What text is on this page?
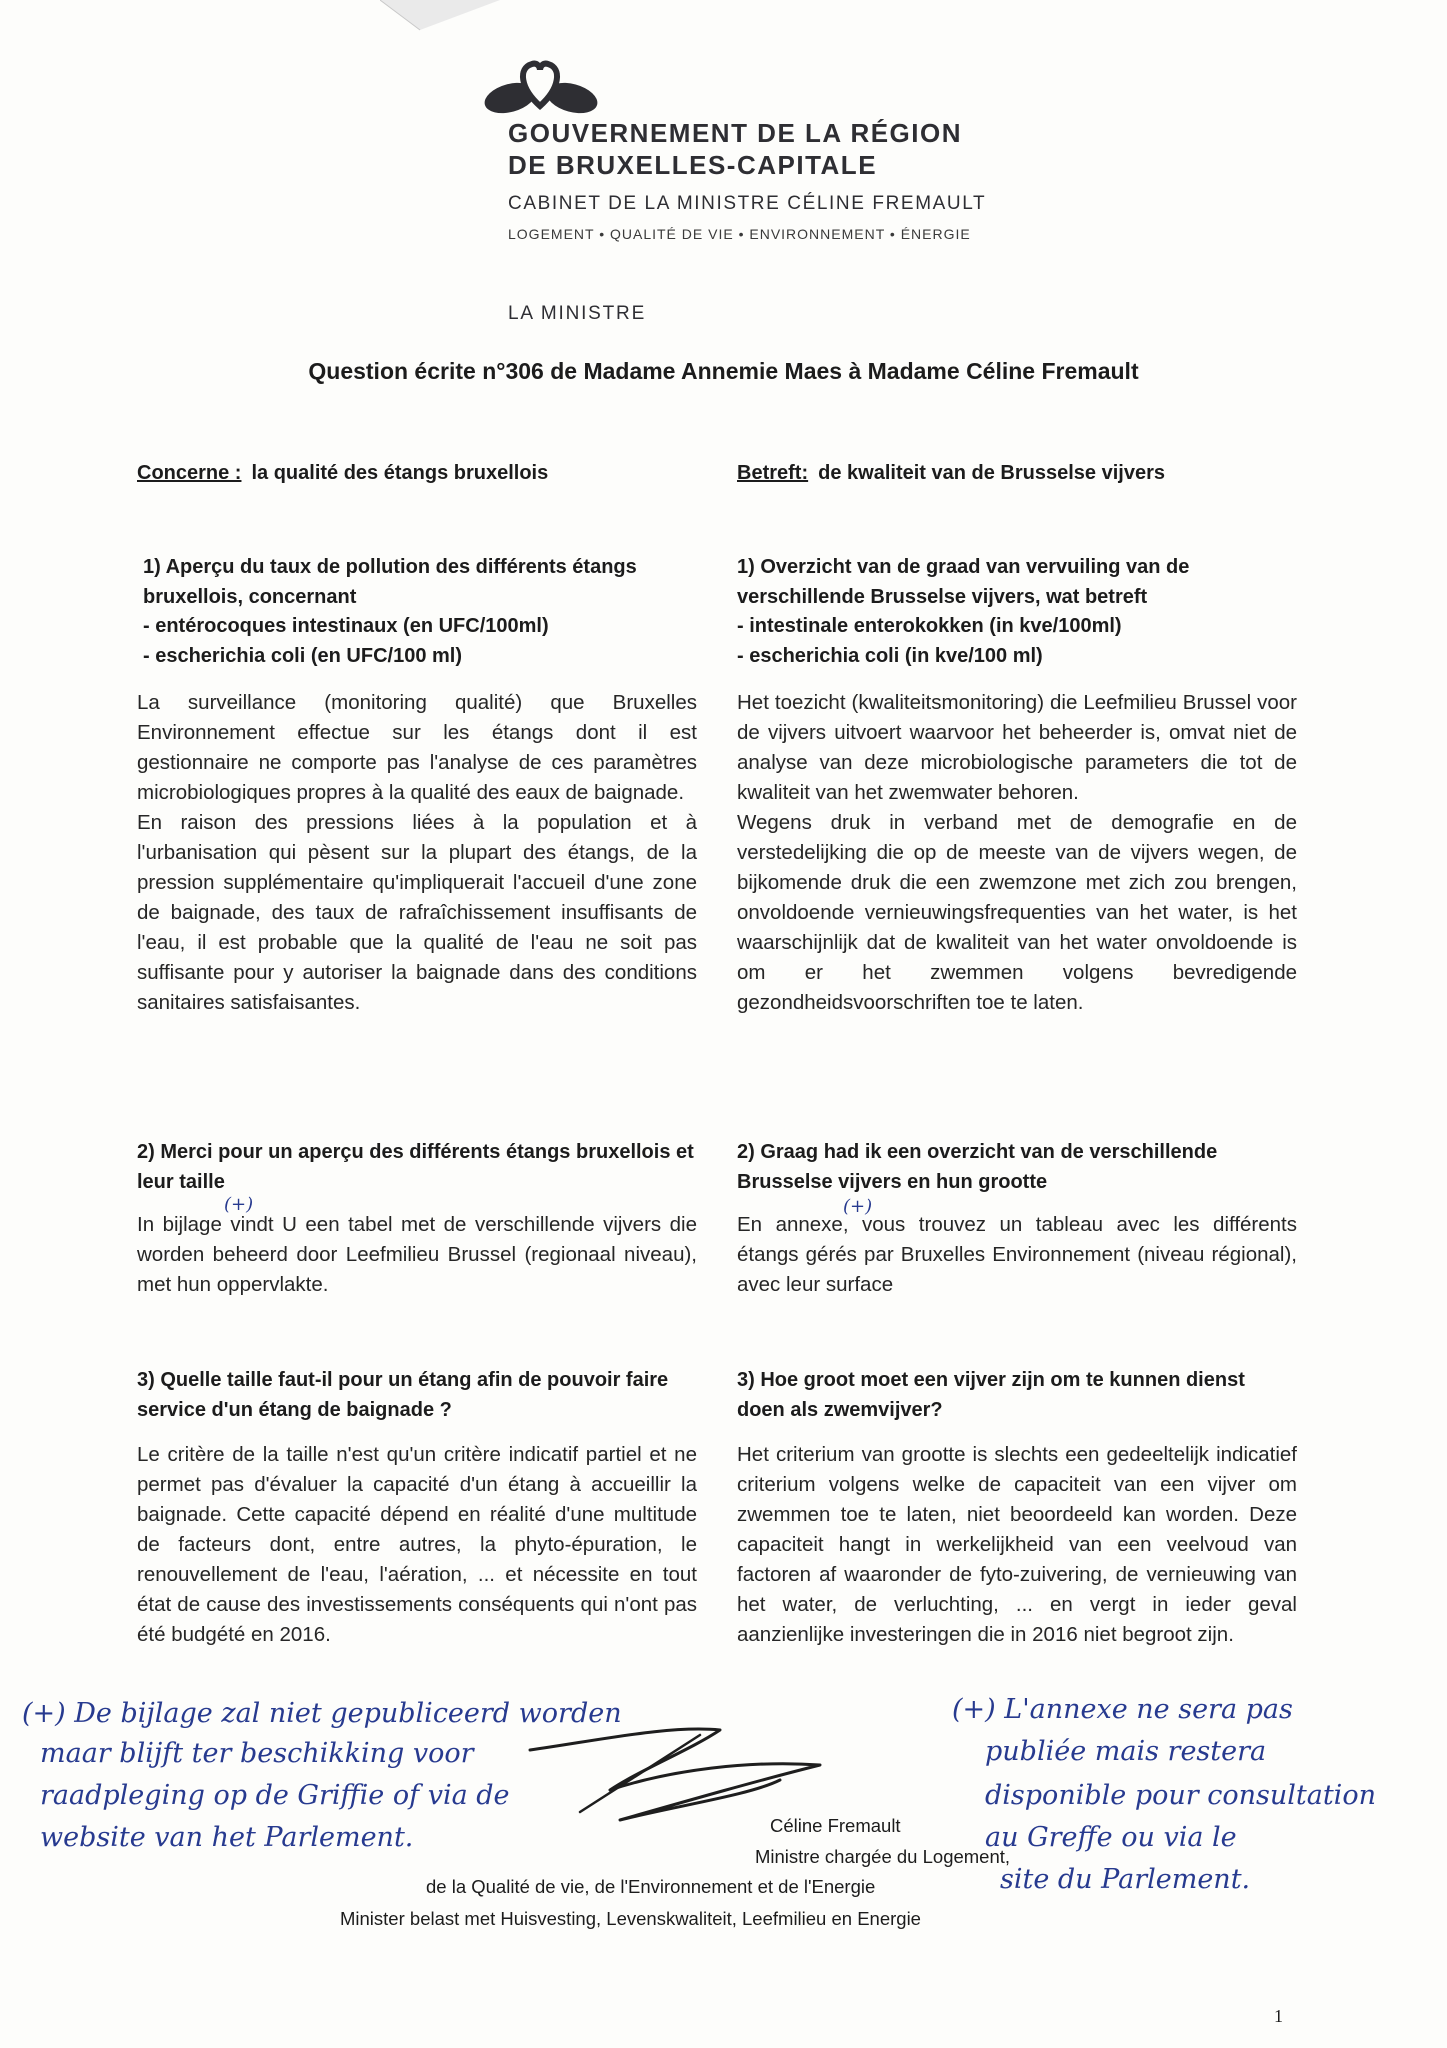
GOUVERNEMENT DE LA RÉGION
DE BRUXELLES-CAPITALE
CABINET DE LA MINISTRE CÉLINE FREMAULT
LOGEMENT • QUALITÉ DE VIE • ENVIRONNEMENT • ÉNERGIE
LA MINISTRE
Question écrite n°306 de Madame Annemie Maes à Madame Céline Fremault
Concerne : la qualité des étangs bruxellois	Betreft: de kwaliteit van de Brusselse vijvers

1) Aperçu du taux de pollution des différents étangs bruxellois, concernant
- entérocoques intestinaux (en UFC/100ml)
- escherichia coli (en UFC/100 ml)

La surveillance (monitoring qualité) que Bruxelles Environnement effectue sur les étangs dont il est gestionnaire ne comporte pas l'analyse de ces paramètres microbiologiques propres à la qualité des eaux de baignade.
En raison des pressions liées à la population et à l'urbanisation qui pèsent sur la plupart des étangs, de la pression supplémentaire qu'impliquerait l'accueil d'une zone de baignade, des taux de rafraîchissement insuffisants de l'eau, il est probable que la qualité de l'eau ne soit pas suffisante pour y autoriser la baignade dans des conditions sanitaires satisfaisantes.

1) Overzicht van de graad van vervuiling van de verschillende Brusselse vijvers, wat betreft
- intestinale enterokokken (in kve/100ml)
- escherichia coli (in kve/100 ml)

Het toezicht (kwaliteitsmonitoring) die Leefmilieu Brussel voor de vijvers uitvoert waarvoor het beheerder is, omvat niet de analyse van deze microbiologische parameters die tot de kwaliteit van het zwemwater behoren.
Wegens druk in verband met de demografie en de verstedelijking die op de meeste van de vijvers wegen, de bijkomende druk die een zwemzone met zich zou brengen, onvoldoende vernieuwingsfrequenties van het water, is het waarschijnlijk dat de kwaliteit van het water onvoldoende is om er het zwemmen volgens bevredigende gezondheidsvoorschriften toe te laten.

2) Merci pour un aperçu des différents étangs bruxellois et leur taille

In bijlage vindt U een tabel met de verschillende vijvers die worden beheerd door Leefmilieu Brussel (regionaal niveau), met hun oppervlakte.

2) Graag had ik een overzicht van de verschillende Brusselse vijvers en hun grootte

En annexe, vous trouvez un tableau avec les différents étangs gérés par Bruxelles Environnement (niveau régional), avec leur surface
(+)	(+)

3) Quelle taille faut-il pour un étang afin de pouvoir faire service d'un étang de baignade ?

Le critère de la taille n'est qu'un critère indicatif partiel et ne permet pas d'évaluer la capacité d'un étang à accueillir la baignade. Cette capacité dépend en réalité d'une multitude de facteurs dont, entre autres, la phyto-épuration, le renouvellement de l'eau, l'aération, ... et nécessite en tout état de cause des investissements conséquents qui n'ont pas été budgété en 2016.

3) Hoe groot moet een vijver zijn om te kunnen dienst doen als zwemvijver?

Het criterium van grootte is slechts een gedeeltelijk indicatief criterium volgens welke de capaciteit van een vijver om zwemmen toe te laten, niet beoordeeld kan worden. Deze capaciteit hangt in werkelijkheid van een veelvoud van factoren af waaronder de fyto-zuivering, de vernieuwing van het water, de verluchting, ... en vergt in ieder geval aanzienlijke investeringen die in 2016 niet begroot zijn.
(+) De bijlage zal niet gepubliceerd worden
maar blijft ter beschikking voor
raadpleging op de Griffie of via de
website van het Parlement.
(+) L'annexe ne sera pas
publiée mais restera
disponible pour consultation
au Greffe ou via le
site du Parlement.
Céline Fremault
Ministre chargée du Logement,
de la Qualité de vie, de l'Environnement et de l'Energie
Minister belast met Huisvesting, Levenskwaliteit, Leefmilieu en Energie
1
